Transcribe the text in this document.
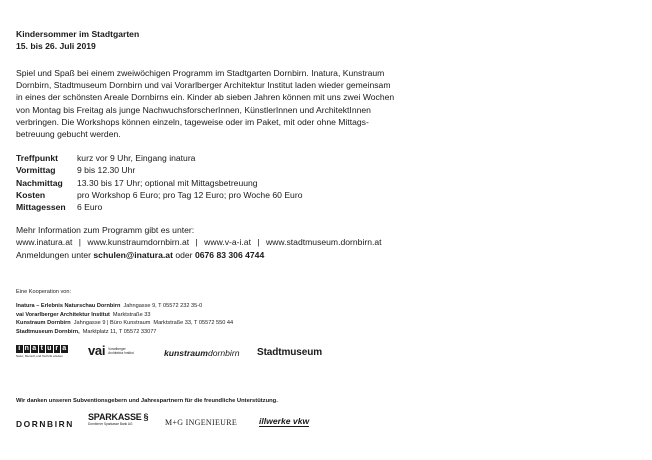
Kindersommer im Stadtgarten
15. bis 26. Juli 2019
Spiel und Spaß bei einem zweiwöchigen Programm im Stadtgarten Dornbirn. Inatura, Kunstraum
Dornbirn, Stadtmuseum Dornbirn und vai Vorarlberger Architektur Institut laden wieder gemeinsam
in eines der schönsten Areale Dornbirns ein. Kinder ab sieben Jahren können mit uns zwei Wochen
von Montag bis Freitag als junge NachwuchsforscherInnen, KünstlerInnen und ArchitektInnen
verbringen. Die Workshops können einzeln, tageweise oder im Paket, mit oder ohne Mittags-
betreuung gebucht werden.
Treffpunkt	kurz vor 9 Uhr, Eingang inatura
Vormittag	9 bis 12.30 Uhr
Nachmittag	13.30 bis 17 Uhr; optional mit Mittagsbetreuung
Kosten	pro Workshop 6 Euro; pro Tag 12 Euro; pro Woche 60 Euro
Mittagessen	6 Euro
Mehr Information zum Programm gibt es unter:
www.inatura.at | www.kunstraumdornbirn.at | www.v-a-i.at | www.stadtmuseum.dornbirn.at
Anmeldungen unter schulen@inatura.at oder 0676 83 306 4744
Eine Kooperation von:
Inatura – Erlebnis Naturschau Dornbirn Jahngasse 9, T 05572 232 35-0
vai Vorarlberger Architektur Institut Marktstraße 33
Kunstraum Dornbirn Jahngasse 9 | Büro Kunstraum Marktstraße 33, T 05572 550 44
Stadtmuseum Dornbirn, Marktplatz 11, T 05572 33077
i n a t u r a
Natur, Mensch und Technik erleben	vai Vorarlberger
Architektur Institut	kunstraumdornbirn Stadtmuseum
Wir danken unseren Subventionsgebern und Jahrespartnern für die freundliche Unterstützung.
DORNBIRN
SPARKASSE §
Dornbirner Sparkasse Bank AG	M+G INGENIEURE	illwerke vkw
